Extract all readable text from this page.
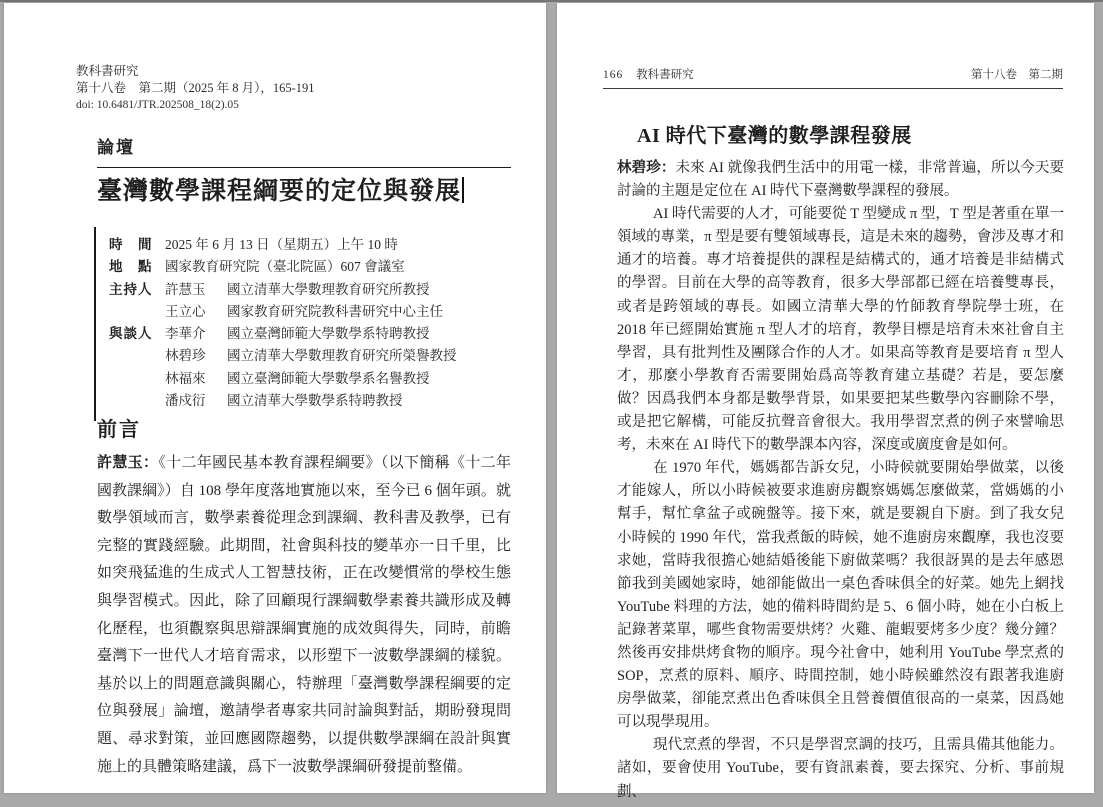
教科書研究
第十八卷　第二期（2025 年 8 月），165-191
doi: 10.6481/JTR.202508_18(2).05
論壇
臺灣數學課程綱要的定位與發展
時　間 2025 年 6 月 13 日（星期五）上午 10 時
地　點 國家教育研究院（臺北院區）607 會議室
主持人 許慧玉	國立清華大學數理教育研究所教授
王立心	國家教育研究院教科書研究中心主任
與談人 李華介	國立臺灣師範大學數學系特聘教授
林碧珍	國立清華大學數理教育研究所榮譽教授
林福來	國立臺灣師範大學數學系名譽教授
潘戍衍	國立清華大學數學系特聘教授
前言
許慧玉：《十二年國民基本教育課程綱要》（以下簡稱《十二年國教課綱》）自 108 學年度落地實施以來，至今已 6 個年頭。就數學領域而言，數學素養從理念到課綱、教科書及教學，已有完整的實踐經驗。此期間，社會與科技的變革亦一日千里，比如突飛猛進的生成式人工智慧技術，正在改變慣常的學校生態與學習模式。因此，除了回顧現行課綱數學素養共識形成及轉化歷程，也須觀察與思辯課綱實施的成效與得失，同時，前瞻臺灣下一世代人才培育需求，以形塑下一波數學課綱的樣貌。基於以上的問題意識與關心，特辦理「臺灣數學課程綱要的定位與發展」論壇，邀請學者專家共同討論與對話，期盼發現問題、尋求對策，並回應國際趨勢，以提供數學課綱在設計與實施上的具體策略建議，爲下一波數學課綱研發提前整備。
166 教科書研究	第十八卷　第二期
AI 時代下臺灣的數學課程發展

林碧珍：未來 AI 就像我們生活中的用電一樣，非常普遍，所以今天要討論的主題是定位在 AI 時代下臺灣數學課程的發展。

AI 時代需要的人才，可能要從 T 型變成 π 型，T 型是著重在單一領域的專業，π 型是要有雙領域專長，這是未來的趨勢，會涉及專才和通才的培養。專才培養提供的課程是結構式的，通才培養是非結構式的學習。目前在大學的高等教育，很多大學部都已經在培養雙專長，或者是跨領域的專長。如國立清華大學的竹師教育學院學士班，在 2018 年已經開始實施 π 型人才的培育，教學目標是培育未來社會自主學習，具有批判性及團隊合作的人才。如果高等教育是要培育 π 型人才，那麼小學教育否需要開始爲高等教育建立基礎？若是，要怎麼做？因爲我們本身都是數學背景，如果要把某些數學內容刪除不學，或是把它解構，可能反抗聲音會很大。我用學習烹煮的例子來譬喻思考，未來在 AI 時代下的數學課本內容，深度或廣度會是如何。

在 1970 年代，媽媽都告訴女兒，小時候就要開始學做菜，以後才能嫁人，所以小時候被要求進廚房觀察媽媽怎麼做菜，當媽媽的小幫手，幫忙拿盆子或碗盤等。接下來，就是要親自下廚。到了我女兒小時候的 1990 年代，當我煮飯的時候，她不進廚房來觀摩，我也沒要求她，當時我很擔心她結婚後能下廚做菜嗎？我很訝異的是去年感恩節我到美國她家時，她卻能做出一桌色香味俱全的好菜。她先上網找 YouTube 料理的方法，她的備料時間約是 5、6 個小時，她在小白板上記錄著菜單，哪些食物需要烘烤？火雞、龍蝦要烤多少度？幾分鐘？然後再安排烘烤食物的順序。現今社會中，她利用 YouTube 學烹煮的 SOP，烹煮的原料、順序、時間控制，她小時候雖然沒有跟著我進廚房學做菜，卻能烹煮出色香味俱全且營養價值很高的一桌菜，因爲她可以現學現用。

現代烹煮的學習，不只是學習烹調的技巧，且需具備其他能力。諸如，要會使用 YouTube，要有資訊素養，要去探究、分析、事前規劃、
